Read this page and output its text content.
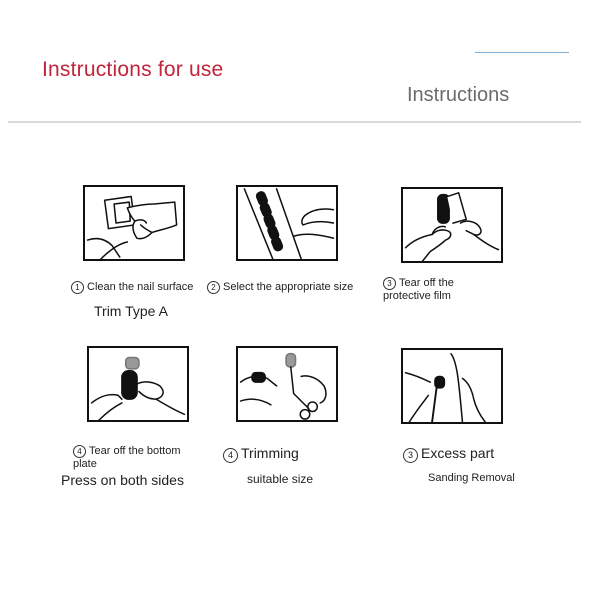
Instructions for use
Instructions
1 Clean the nail surface	2 Select the appropriate size	3 Tear off the
protective film
Trim Type A
4 Tear off the bottom
plate
4 Trimming	3 Excess part
Press on both sides	suitable size	Sanding Removal
